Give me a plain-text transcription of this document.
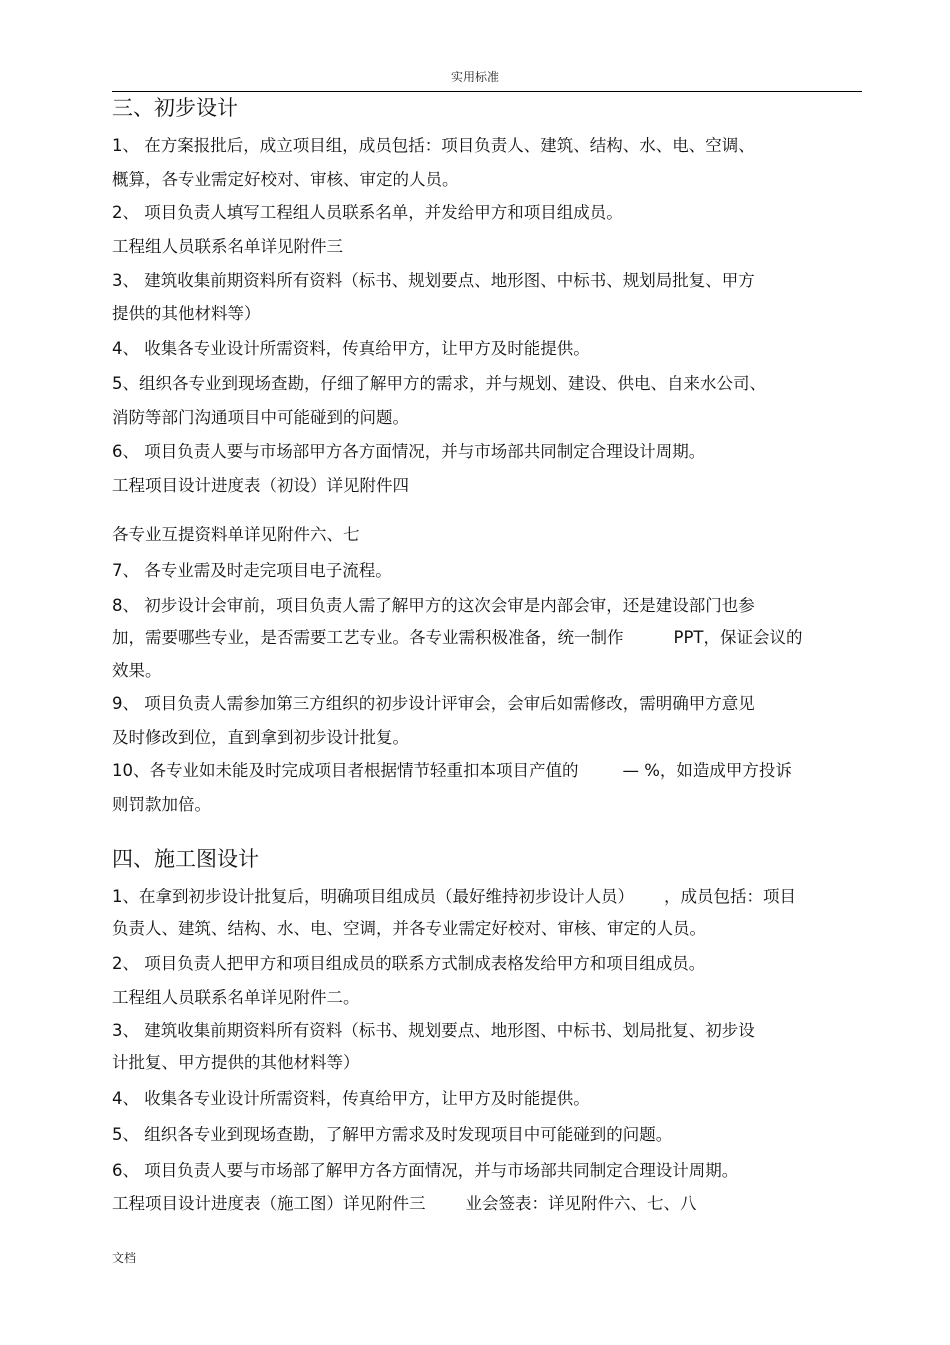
实用标准
三、初步设计
1、 在方案报批后，成立项目组，成员包括：项目负责人、建筑、结构、水、电、空调、
概算，各专业需定好校对、审核、审定的人员。
2、 项目负责人填写工程组人员联系名单，并发给甲方和项目组成员。
工程组人员联系名单详见附件三
3、 建筑收集前期资料所有资料（标书、规划要点、地形图、中标书、规划局批复、甲方
提供的其他材料等）
4、 收集各专业设计所需资料，传真给甲方，让甲方及时能提供。
5、组织各专业到现场查勘，仔细了解甲方的需求，并与规划、建设、供电、自来水公司、
消防等部门沟通项目中可能碰到的问题。
6、 项目负责人要与市场部甲方各方面情况，并与市场部共同制定合理设计周期。
工程项目设计进度表（初设）详见附件四
各专业互提资料单详见附件六、七
7、 各专业需及时走完项目电子流程。
8、 初步设计会审前，项目负责人需了解甲方的这次会审是内部会审，还是建设部门也参
加，需要哪些专业，是否需要工艺专业。各专业需积极准备，统一制作	PPT，保证会议的
效果。
9、 项目负责人需参加第三方组织的初步设计评审会，会审后如需修改，需明确甲方意见
及时修改到位，直到拿到初步设计批复。
10、各专业如未能及时完成项目者根据情节轻重扣本项目产值的	— %，如造成甲方投诉
则罚款加倍。
四、施工图设计
1、在拿到初步设计批复后，明确项目组成员（最好维持初步设计人员） ，成员包括：项目
负责人、建筑、结构、水、电、空调，并各专业需定好校对、审核、审定的人员。
2、 项目负责人把甲方和项目组成员的联系方式制成表格发给甲方和项目组成员。
工程组人员联系名单详见附件二。
3、 建筑收集前期资料所有资料（标书、规划要点、地形图、中标书、划局批复、初步设
计批复、甲方提供的其他材料等）
4、 收集各专业设计所需资料，传真给甲方，让甲方及时能提供。
5、 组织各专业到现场查勘，了解甲方需求及时发现项目中可能碰到的问题。
6、 项目负责人要与市场部了解甲方各方面情况，并与市场部共同制定合理设计周期。
工程项目设计进度表（施工图）详见附件三 业会签表：详见附件六、七、八
文档
